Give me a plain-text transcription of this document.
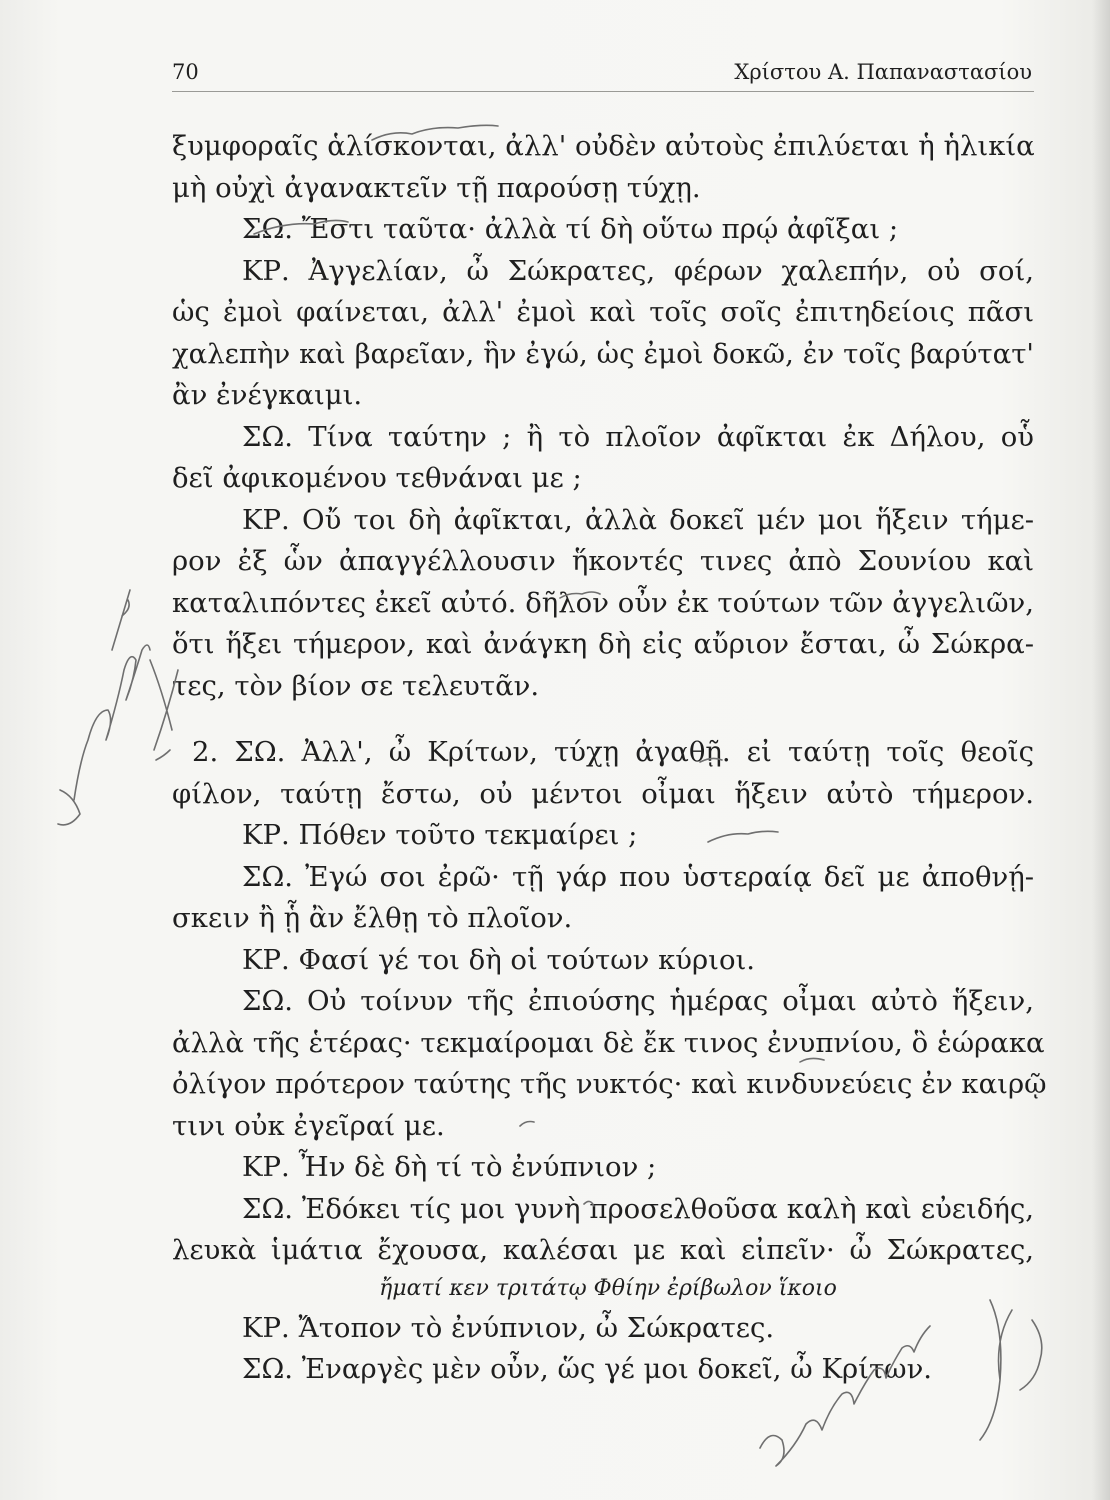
70	Χρίστου Α. Παπαναστασίου
ξυμφοραῖς ἁλίσκονται, ἀλλ' οὐδὲν αὐτοὺς ἐπιλύεται ἡ ἡλικία
μὴ οὐχὶ ἀγανακτεῖν τῇ παρούσῃ τύχῃ.
ΣΩ. Ἔστι ταῦτα· ἀλλὰ τί δὴ οὕτω πρῴ ἀφῖξαι ;
ΚΡ. Ἀγγελίαν, ὦ Σώκρατες, φέρων χαλεπήν, οὐ σοί,
ὡς ἐμοὶ φαίνεται, ἀλλ' ἐμοὶ καὶ τοῖς σοῖς ἐπιτηδείοις πᾶσι
χαλεπὴν καὶ βαρεῖαν, ἣν ἐγώ, ὡς ἐμοὶ δοκῶ, ἐν τοῖς βαρύτατ'
ἂν ἐνέγκαιμι.
ΣΩ. Τίνα ταύτην ; ἢ τὸ πλοῖον ἀφῖκται ἐκ Δήλου, οὗ
δεῖ ἀφικομένου τεθνάναι με ;
ΚΡ. Οὔ τοι δὴ ἀφῖκται, ἀλλὰ δοκεῖ μέν μοι ἥξειν τήμε-
ρον ἐξ ὧν ἀπαγγέλλουσιν ἥκοντές τινες ἀπὸ Σουνίου καὶ
καταλιπόντες ἐκεῖ αὐτό. δῆλον οὖν ἐκ τούτων τῶν ἀγγελιῶν,
ὅτι ἥξει τήμερον, καὶ ἀνάγκη δὴ εἰς αὔριον ἔσται, ὦ Σώκρα-
τες, τὸν βίον σε τελευτᾶν.
2. ΣΩ. Ἀλλ', ὦ Κρίτων, τύχῃ ἀγαθῇ. εἰ ταύτῃ τοῖς θεοῖς
φίλον, ταύτῃ ἔστω, οὐ μέντοι οἶμαι ἥξειν αὐτὸ τήμερον.
ΚΡ. Πόθεν τοῦτο τεκμαίρει ;
ΣΩ. Ἐγώ σοι ἐρῶ· τῇ γάρ που ὑστεραίᾳ δεῖ με ἀποθνῄ-
σκειν ἢ ᾗ ἂν ἔλθῃ τὸ πλοῖον.
ΚΡ. Φασί γέ τοι δὴ οἱ τούτων κύριοι.
ΣΩ. Οὐ τοίνυν τῆς ἐπιούσης ἡμέρας οἶμαι αὐτὸ ἥξειν,
ἀλλὰ τῆς ἑτέρας· τεκμαίρομαι δὲ ἔκ τινος ἐνυπνίου, ὃ ἑώρακα
ὀλίγον πρότερον ταύτης τῆς νυκτός· καὶ κινδυνεύεις ἐν καιρῷ
τινι οὐκ ἐγεῖραί με.
ΚΡ. Ἦν δὲ δὴ τί τὸ ἐνύπνιον ;
ΣΩ. Ἐδόκει τίς μοι γυνὴ προσελθοῦσα καλὴ καὶ εὐειδής,
λευκὰ ἱμάτια ἔχουσα, καλέσαι με καὶ εἰπεῖν· ὦ Σώκρατες,
ἤματί κεν τριτάτῳ Φθίην ἐρίβωλον ἵκοιο
ΚΡ. Ἄτοπον τὸ ἐνύπνιον, ὦ Σώκρατες.
ΣΩ. Ἐναργὲς μὲν οὖν, ὥς γέ μοι δοκεῖ, ὦ Κρίτων.
